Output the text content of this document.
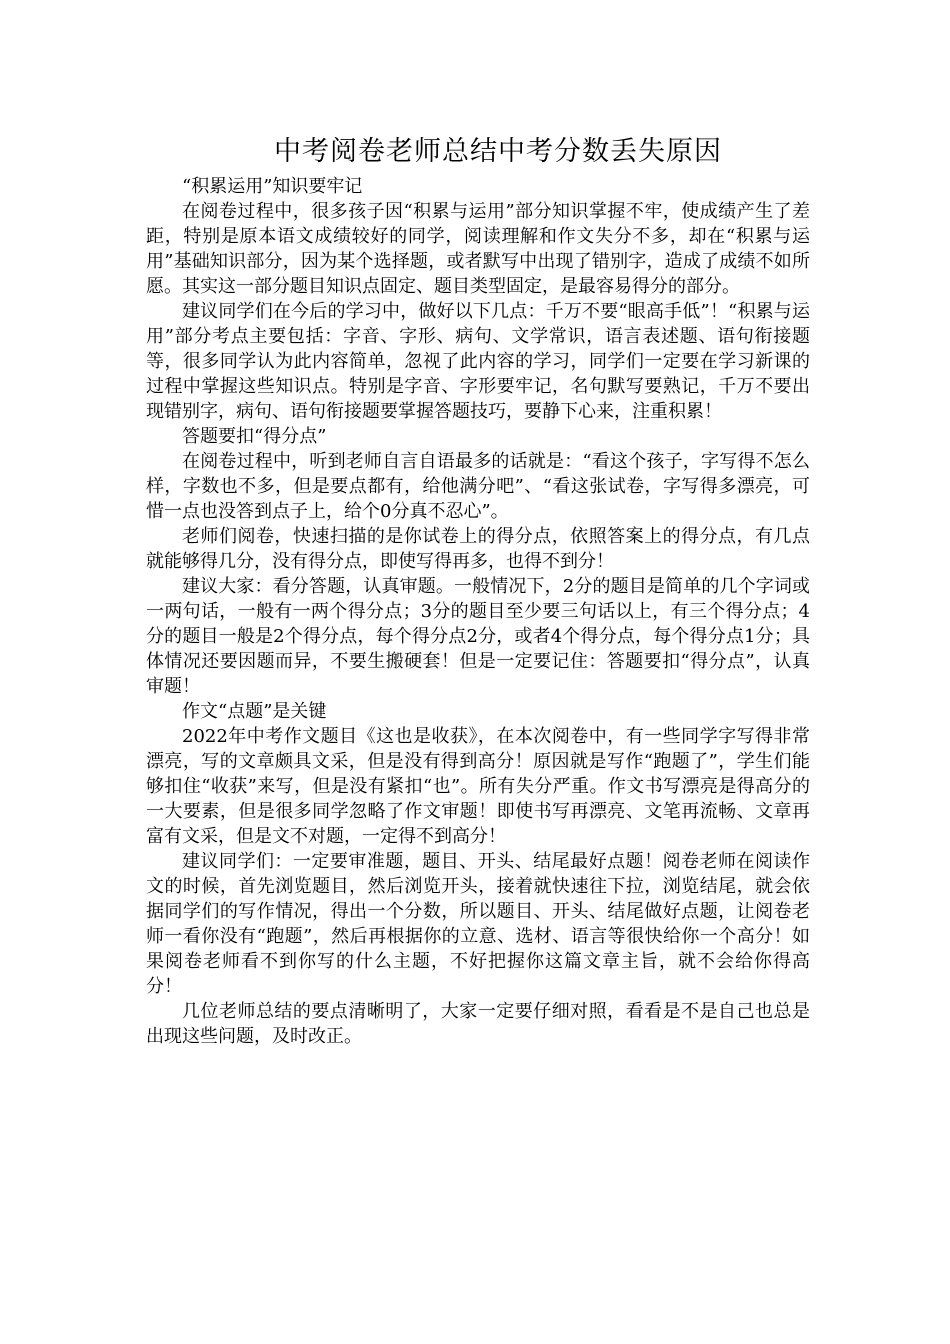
中考阅卷老师总结中考分数丢失原因

“积累运用”知识要牢记

在阅卷过程中，很多孩子因“积累与运用”部分知识掌握不牢，使成绩产生了差距，特别是原本语文成绩较好的同学，阅读理解和作文失分不多，却在“积累与运用”基础知识部分，因为某个选择题，或者默写中出现了错别字，造成了成绩不如所愿。其实这一部分题目知识点固定、题目类型固定，是最容易得分的部分。

建议同学们在今后的学习中，做好以下几点：千万不要“眼高手低”！“积累与运用”部分考点主要包括：字音、字形、病句、文学常识，语言表述题、语句衔接题等，很多同学认为此内容简单，忽视了此内容的学习，同学们一定要在学习新课的过程中掌握这些知识点。特别是字音、字形要牢记，名句默写要熟记，千万不要出现错别字，病句、语句衔接题要掌握答题技巧，要静下心来，注重积累！

答题要扣“得分点”

在阅卷过程中，听到老师自言自语最多的话就是：“看这个孩子，字写得不怎么样，字数也不多，但是要点都有，给他满分吧”、“看这张试卷，字写得多漂亮，可惜一点也没答到点子上，给个0分真不忍心”。

老师们阅卷，快速扫描的是你试卷上的得分点，依照答案上的得分点，有几点就能够得几分，没有得分点，即使写得再多，也得不到分！

建议大家：看分答题，认真审题。一般情况下，2分的题目是简单的几个字词或一两句话，一般有一两个得分点；3分的题目至少要三句话以上，有三个得分点；4分的题目一般是2个得分点，每个得分点2分，或者4个得分点，每个得分点1分；具体情况还要因题而异，不要生搬硬套！但是一定要记住：答题要扣“得分点”，认真审题！

作文“点题”是关键

2022年中考作文题目《这也是收获》，在本次阅卷中，有一些同学字写得非常漂亮，写的文章颇具文采，但是没有得到高分！原因就是写作“跑题了”，学生们能够扣住“收获”来写，但是没有紧扣“也”。所有失分严重。作文书写漂亮是得高分的一大要素，但是很多同学忽略了作文审题！即使书写再漂亮、文笔再流畅、文章再富有文采，但是文不对题，一定得不到高分！

建议同学们：一定要审准题，题目、开头、结尾最好点题！阅卷老师在阅读作文的时候，首先浏览题目，然后浏览开头，接着就快速往下拉，浏览结尾，就会依据同学们的写作情况，得出一个分数，所以题目、开头、结尾做好点题，让阅卷老师一看你没有“跑题”，然后再根据你的立意、选材、语言等很快给你一个高分！如果阅卷老师看不到你写的什么主题，不好把握你这篇文章主旨，就不会给你得高分！

几位老师总结的要点清晰明了，大家一定要仔细对照，看看是不是自己也总是出现这些问题，及时改正。
